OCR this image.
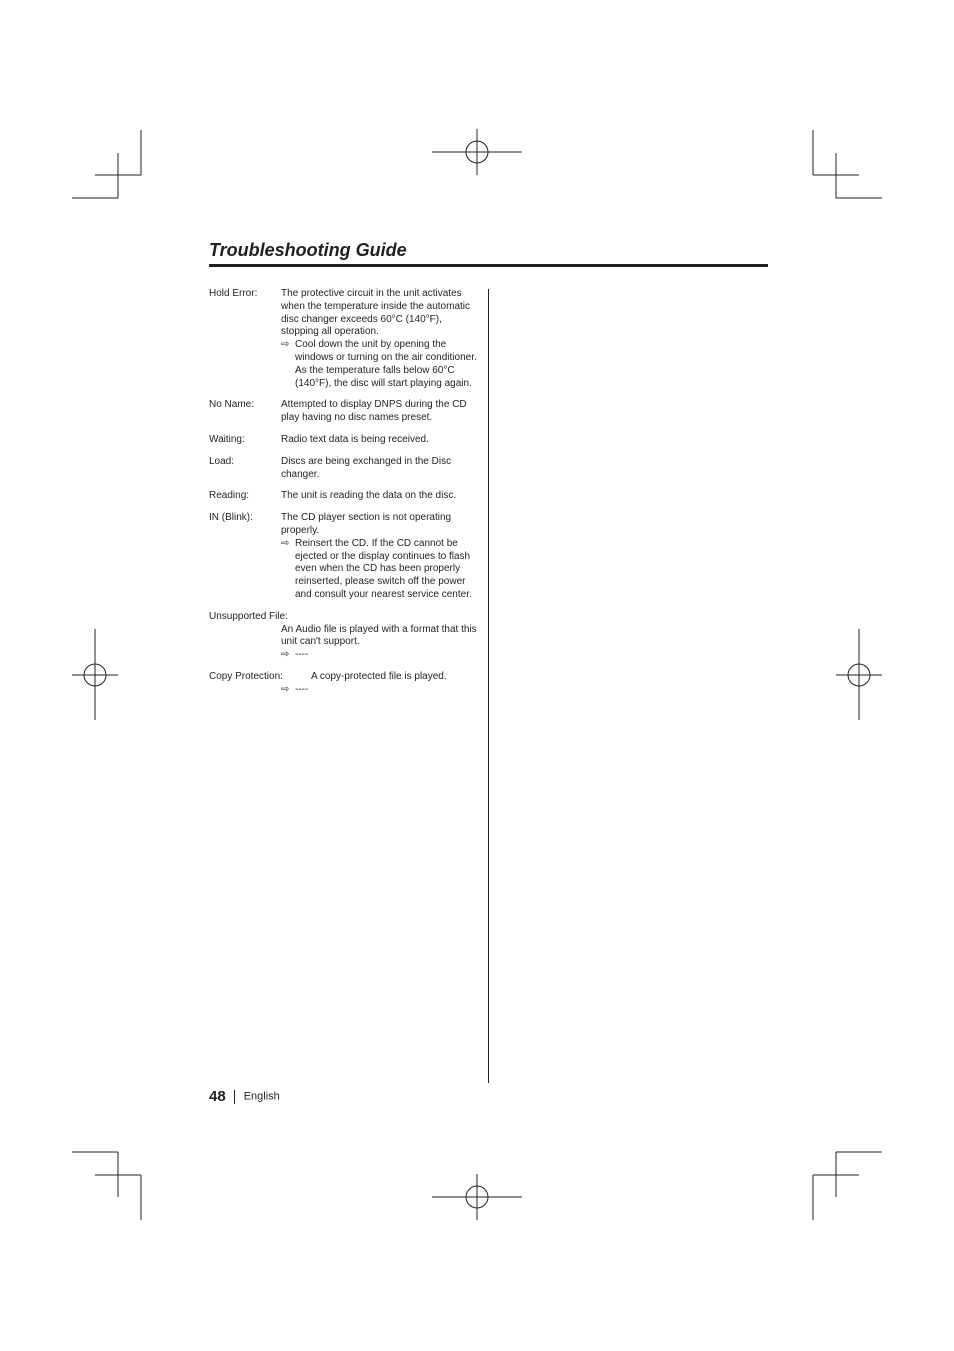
Troubleshooting Guide
Hold Error: The protective circuit in the unit activates when the temperature inside the automatic disc changer exceeds 60°C (140°F), stopping all operation.
⇨ Cool down the unit by opening the windows or turning on the air conditioner. As the temperature falls below 60°C (140°F), the disc will start playing again.
No Name:	Attempted to display DNPS during the CD play having no disc names preset.
Waiting:	Radio text data is being received.
Load:	Discs are being exchanged in the Disc changer.
Reading:	The unit is reading the data on the disc.
IN (Blink):	The CD player section is not operating properly.
⇨ Reinsert the CD. If the CD cannot be ejected or the display continues to flash even when the CD has been properly reinserted, please switch off the power and consult your nearest service center.
Unsupported File:
An Audio file is played with a format that this unit can't support.
⇨ ----
Copy Protection:	A copy-protected file is played.
⇨ ----
48 English
